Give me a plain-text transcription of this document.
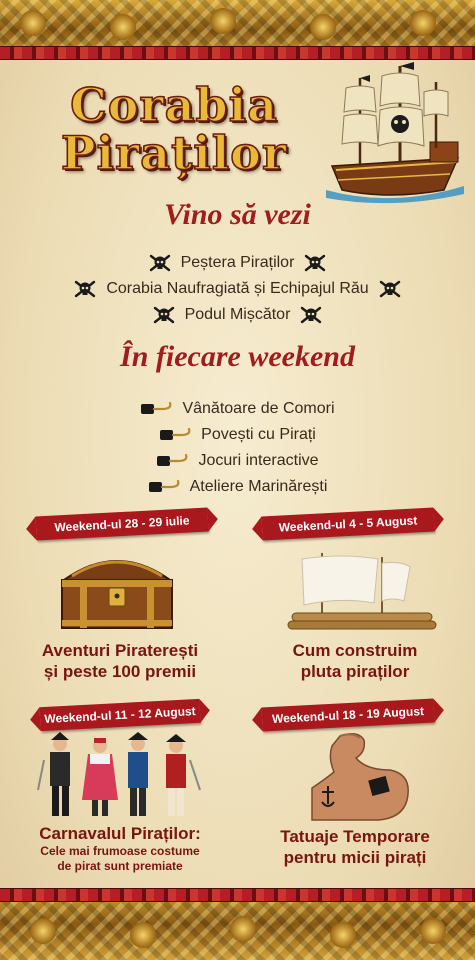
Corabia
Piraților
Vino să vezi
Peștera Piraților
Corabia Naufragiată și Echipajul Rău
Podul Mișcător
În fiecare weekend
Vânătoare de Comori
Povești cu Pirați
Jocuri interactive
Ateliere Marinărești
Weekend-ul 28 - 29 iulie
Aventuri Piraterești
și peste 100 premii
Weekend-ul 4 - 5 August
Cum construim
pluta piraților
Weekend-ul 11 - 12 August
Carnavalul Piraților:
Cele mai frumoase costume
de pirat sunt premiate
Weekend-ul 18 - 19 August
Tatuaje Temporare
pentru micii pirați
